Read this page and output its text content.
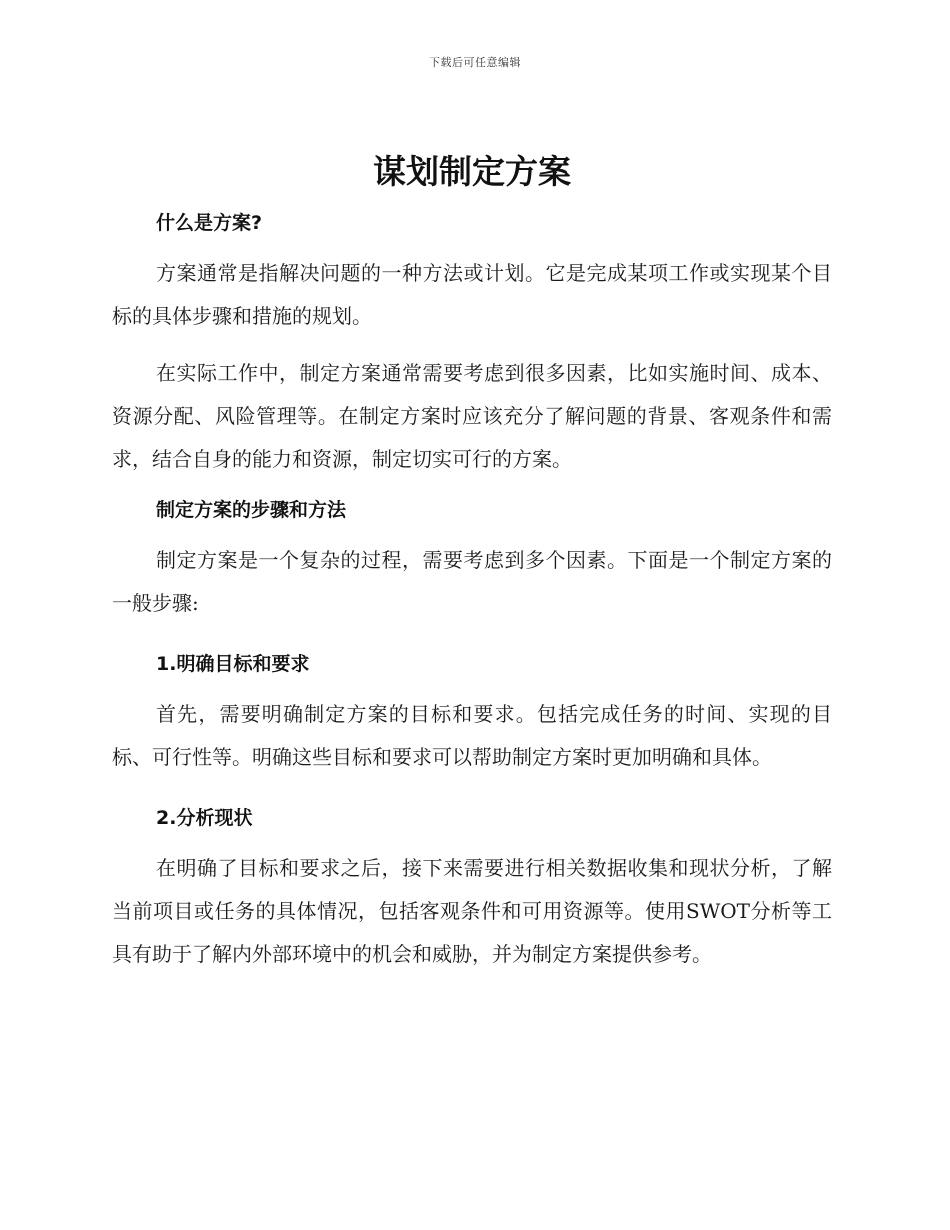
下载后可任意编辑
谋划制定方案
什么是方案?

方案通常是指解决问题的一种方法或计划。它是完成某项工作或实现某个目标的具体步骤和措施的规划。

在实际工作中，制定方案通常需要考虑到很多因素，比如实施时间、成本、资源分配、风险管理等。在制定方案时应该充分了解问题的背景、客观条件和需求，结合自身的能力和资源，制定切实可行的方案。

制定方案的步骤和方法

制定方案是一个复杂的过程，需要考虑到多个因素。下面是一个制定方案的一般步骤:

1.明确目标和要求

首先，需要明确制定方案的目标和要求。包括完成任务的时间、实现的目标、可行性等。明确这些目标和要求可以帮助制定方案时更加明确和具体。

2.分析现状

在明确了目标和要求之后，接下来需要进行相关数据收集和现状分析，了解当前项目或任务的具体情况，包括客观条件和可用资源等。使用SWOT分析等工具有助于了解内外部环境中的机会和威胁，并为制定方案提供参考。
